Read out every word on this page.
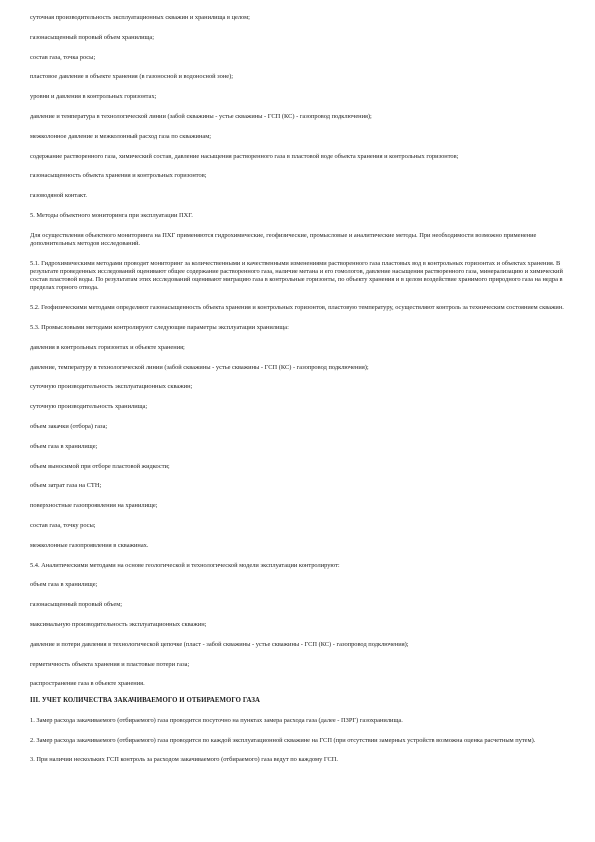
суточная производительность эксплуатационных скважин и хранилища в целом;

газонасыщенный поровый объем хранилища;

состав газа, точка росы;

пластовое давление в объекте хранения (в газоносной и водоносной зоне);

уровни и давления в контрольных горизонтах;

давление и температура в технологической линии (забой скважины - устье скважины - ГСП (КС) - газопровод подключения);

межколонное давление и межколонный расход газа по скважинам;

содержание растворенного газа, химический состав, давление насыщения растворенного газа в пластовой воде объекта хранения и контрольных горизонтов;

газонасыщенность объекта хранения и контрольных горизонтов;

газоводяной контакт.

5. Методы объектного мониторинга при эксплуатации ПХГ.

Для осуществления объектного мониторинга на ПХГ применяются гидрохимические, геофизические, промысловые и аналитические методы. При необходимости возможно применение дополнительных методов исследований.

5.1. Гидрохимическими методами проводят мониторинг за количественными и качественными изменениями растворенного газа пластовых вод в контрольных горизонтах и объектах хранения. В результате проведенных исследований оценивают общее содержание растворенного газа, наличие метана и его гомологов, давление насыщения растворенного газа, минерализацию и химический состав пластовой воды. По результатам этих исследований оценивают миграцию газа в контрольные горизонты, по объекту хранения и в целом воздействие хранимого природного газа на недра в пределах горного отвода.

5.2. Геофизическими методами определяют газонасыщенность объекта хранения и контрольных горизонтов, пластовую температуру, осуществляют контроль за техническим состоянием скважин.

5.3. Промысловыми методами контролируют следующие параметры эксплуатации хранилища:

давления в контрольных горизонтах и объекте хранения;

давление, температуру в технологической линии (забой скважины - устье скважины - ГСП (КС) - газопровод подключения);

суточную производительность эксплуатационных скважин;

суточную производительность хранилища;

объем закачки (отбора) газа;

объем газа в хранилище;

объем выносимой при отборе пластовой жидкости;

объем затрат газа на СТН;

поверхностные газопроявления на хранилище;

состав газа, точку росы;

межколонные газопроявления в скважинах.

5.4. Аналитическими методами на основе геологической и технологической модели эксплуатации контролируют:

объем газа в хранилище;

газонасыщенный поровый объем;

максимальную производительность эксплуатационных скважин;

давление и потери давления в технологической цепочке (пласт - забой скважины - устье скважины - ГСП (КС) - газопровод подключения);

герметичность объекта хранения и пластовые потери газа;

распространение газа в объекте хранения.

III. УЧЕТ КОЛИЧЕСТВА ЗАКАЧИВАЕМОГО И ОТБИРАЕМОГО ГАЗА

1. Замер расхода закачиваемого (отбираемого) газа проводится посуточно на пунктах замера расхода газа (далее - ПЗРГ) газохранилища.

2. Замер расхода закачиваемого (отбираемого) газа проводится по каждой эксплуатационной скважине на ГСП (при отсутствии замерных устройств возможна оценка расчетным путем).

3. При наличии нескольких ГСП контроль за расходом закачиваемого (отбираемого) газа ведут по каждому ГСП.
